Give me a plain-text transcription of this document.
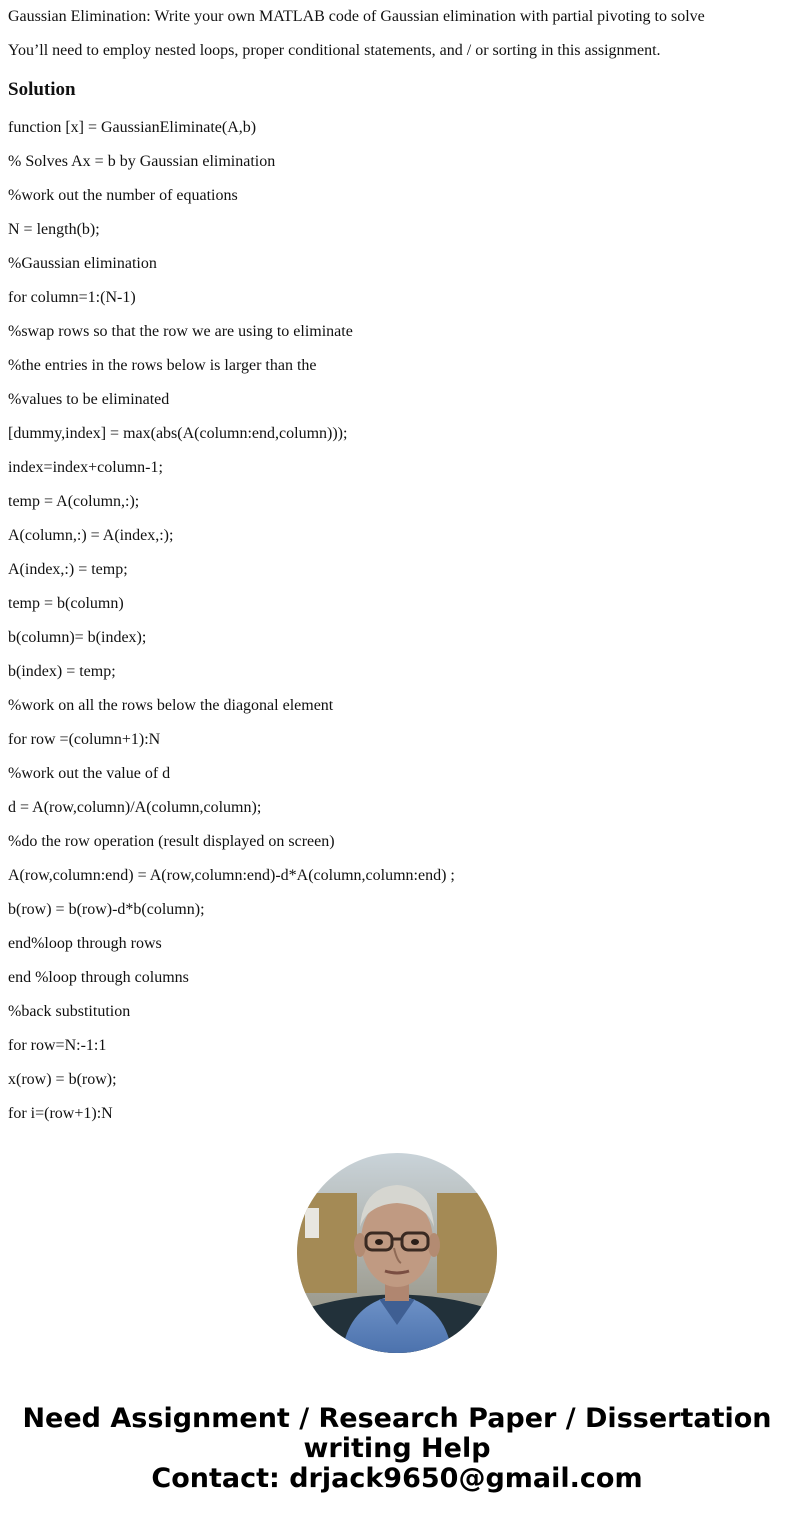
Gaussian Elimination: Write your own MATLAB code of Gaussian elimination with partial pivoting to solve

You’ll need to employ nested loops, proper conditional statements, and / or sorting in this assignment.

Solution
function [x] = GaussianEliminate(A,b)
% Solves Ax = b by Gaussian elimination
%work out the number of equations
N = length(b);
%Gaussian elimination
for column=1:(N-1)
%swap rows so that the row we are using to eliminate
%the entries in the rows below is larger than the
%values to be eliminated
[dummy,index] = max(abs(A(column:end,column)));
index=index+column-1;
temp = A(column,:);
A(column,:) = A(index,:);
A(index,:) = temp;
temp = b(column)
b(column)= b(index);
b(index) = temp;
%work on all the rows below the diagonal element
for row =(column+1):N
%work out the value of d
d = A(row,column)/A(column,column);
%do the row operation (result displayed on screen)
A(row,column:end) = A(row,column:end)-d*A(column,column:end) ;
b(row) = b(row)-d*b(column);
end%loop through rows
end %loop through columns
%back substitution
for row=N:-1:1
x(row) = b(row);
for i=(row+1):N
Need Assignment / Research Paper / Dissertation
writing Help
Contact: drjack9650@gmail.com
